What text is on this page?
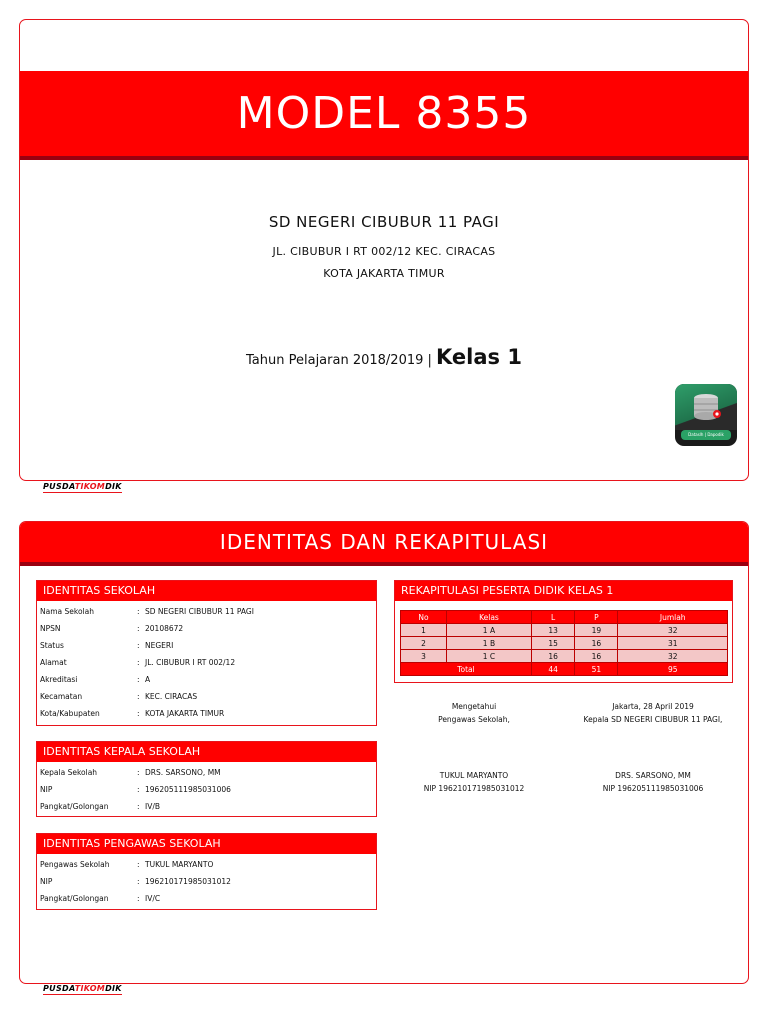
MODEL 8355
SD NEGERI CIBUBUR 11 PAGI
JL. CIBUBUR I RT 002/12 KEC. CIRACAS
KOTA JAKARTA TIMUR
Tahun Pelajaran 2018/2019 | Kelas 1
Dataslh | Dapodik
PUSDATIKOMDIK
IDENTITAS DAN REKAPITULASI
IDENTITAS SEKOLAH
Nama Sekolah	: SD NEGERI CIBUBUR 11 PAGI
NPSN	: 20108672
Status	: NEGERI
Alamat	: JL. CIBUBUR I RT 002/12
Akreditasi	: A
Kecamatan	: KEC. CIRACAS
Kota/Kabupaten	: KOTA JAKARTA TIMUR
IDENTITAS KEPALA SEKOLAH
Kepala Sekolah	: DRS. SARSONO, MM
NIP	: 196205111985031006
Pangkat/Golongan	: IV/B
IDENTITAS PENGAWAS SEKOLAH
Pengawas Sekolah	: TUKUL MARYANTO
NIP	: 196210171985031012
Pangkat/Golongan	: IV/C
REKAPITULASI PESERTA DIDIK KELAS 1
No	Kelas	L	P	Jumlah
1	1 A	13	19	32
2	1 B	15	16	31
3	1 C	16	16	32
Total		44	51	95
Mengetahui
Pengawas Sekolah,
Jakarta, 28 April 2019
Kepala SD NEGERI CIBUBUR 11 PAGI,
TUKUL MARYANTO
NIP 196210171985031012
DRS. SARSONO, MM
NIP 196205111985031006
PUSDATIKOMDIK
